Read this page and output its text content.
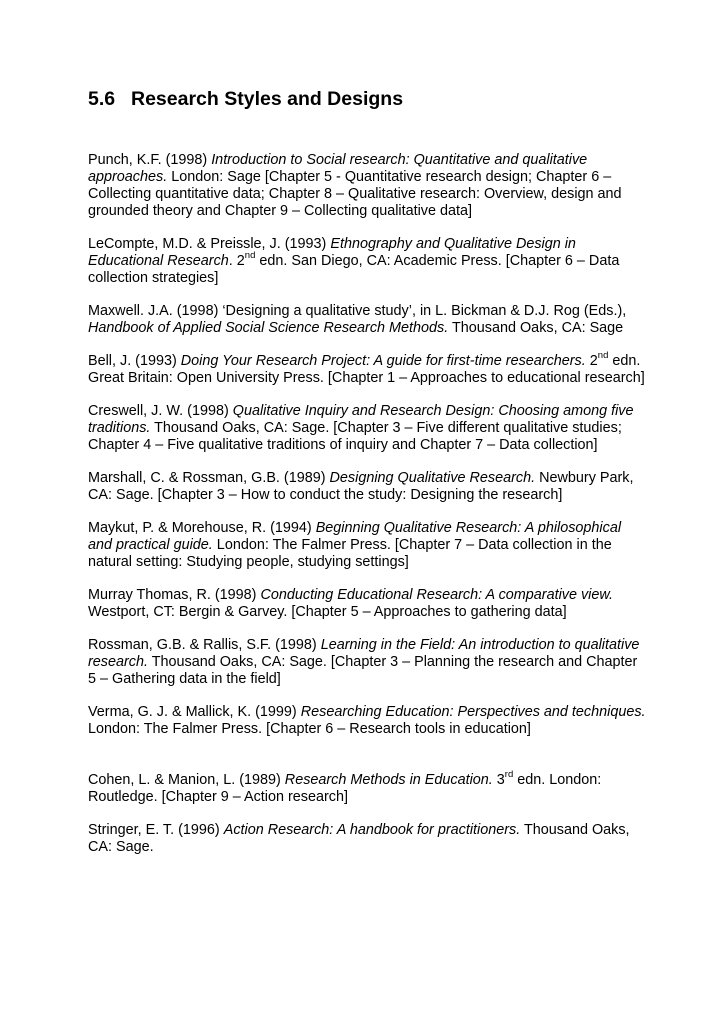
5.6 Research Styles and Designs
Punch, K.F. (1998) Introduction to Social research: Quantitative and qualitative approaches. London: Sage [Chapter 5 - Quantitative research design; Chapter 6 – Collecting quantitative data; Chapter 8 – Qualitative research: Overview, design and grounded theory and Chapter 9 – Collecting qualitative data]
LeCompte, M.D. & Preissle, J. (1993) Ethnography and Qualitative Design in Educational Research. 2nd edn. San Diego, CA: Academic Press. [Chapter 6 – Data collection strategies]
Maxwell. J.A. (1998) ‘Designing a qualitative study’, in L. Bickman & D.J. Rog (Eds.), Handbook of Applied Social Science Research Methods. Thousand Oaks, CA: Sage
Bell, J. (1993) Doing Your Research Project: A guide for first-time researchers. 2nd edn. Great Britain: Open University Press. [Chapter 1 – Approaches to educational research]
Creswell, J. W. (1998) Qualitative Inquiry and Research Design: Choosing among five traditions. Thousand Oaks, CA: Sage. [Chapter 3 – Five different qualitative studies; Chapter 4 – Five qualitative traditions of inquiry and Chapter 7 – Data collection]
Marshall, C. & Rossman, G.B. (1989) Designing Qualitative Research. Newbury Park, CA: Sage. [Chapter 3 – How to conduct the study: Designing the research]
Maykut, P. & Morehouse, R. (1994) Beginning Qualitative Research: A philosophical and practical guide. London: The Falmer Press. [Chapter 7 – Data collection in the natural setting: Studying people, studying settings]
Murray Thomas, R. (1998) Conducting Educational Research: A comparative view. Westport, CT: Bergin & Garvey. [Chapter 5 – Approaches to gathering data]
Rossman, G.B. & Rallis, S.F. (1998) Learning in the Field: An introduction to qualitative research. Thousand Oaks, CA: Sage. [Chapter 3 – Planning the research and Chapter 5 – Gathering data in the field]
Verma, G. J. & Mallick, K. (1999) Researching Education: Perspectives and techniques. London: The Falmer Press. [Chapter 6 – Research tools in education]
Cohen, L. & Manion, L. (1989) Research Methods in Education. 3rd edn. London: Routledge. [Chapter 9 – Action research]
Stringer, E. T. (1996) Action Research: A handbook for practitioners. Thousand Oaks, CA: Sage.
